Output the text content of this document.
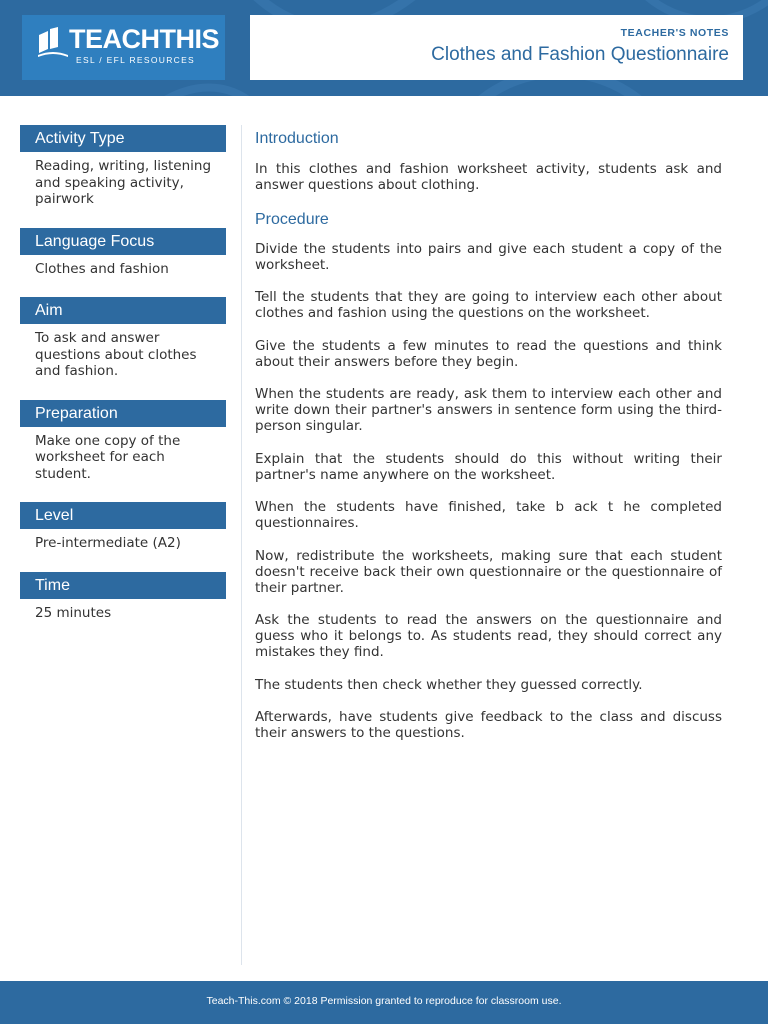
TEACHTHIS
ESL / EFL RESOURCES
TEACHER'S NOTES
Clothes and Fashion Questionnaire
Activity Type
Reading, writing, listening and speaking activity, pairwork
Language Focus
Clothes and fashion
Aim
To ask and answer questions about clothes and fashion.
Preparation
Make one copy of the worksheet for each student.
Level
Pre-intermediate (A2)
Time
25 minutes
Introduction

In this clothes and fashion worksheet activity, students ask and answer questions about clothing.

Procedure

Divide the students into pairs and give each student a copy of the worksheet.

Tell the students that they are going to interview each other about clothes and fashion using the questions on the worksheet.

Give the students a few minutes to read the questions and think about their answers before they begin.

When the students are ready, ask them to interview each other and write down their partner's answers in sentence form using the third-person singular.

Explain that the students should do this without writing their partner's name anywhere on the worksheet.

When the students have finished, take b ack t he completed questionnaires.

Now, redistribute the worksheets, making sure that each student doesn't receive back their own questionnaire or the questionnaire of their partner.

Ask the students to read the answers on the questionnaire and guess who it belongs to. As students read, they should correct any mistakes they find.

The students then check whether they guessed correctly.

Afterwards, have students give feedback to the class and discuss their answers to the questions.

Teach-This.com © 2018 Permission granted to reproduce for classroom use.
